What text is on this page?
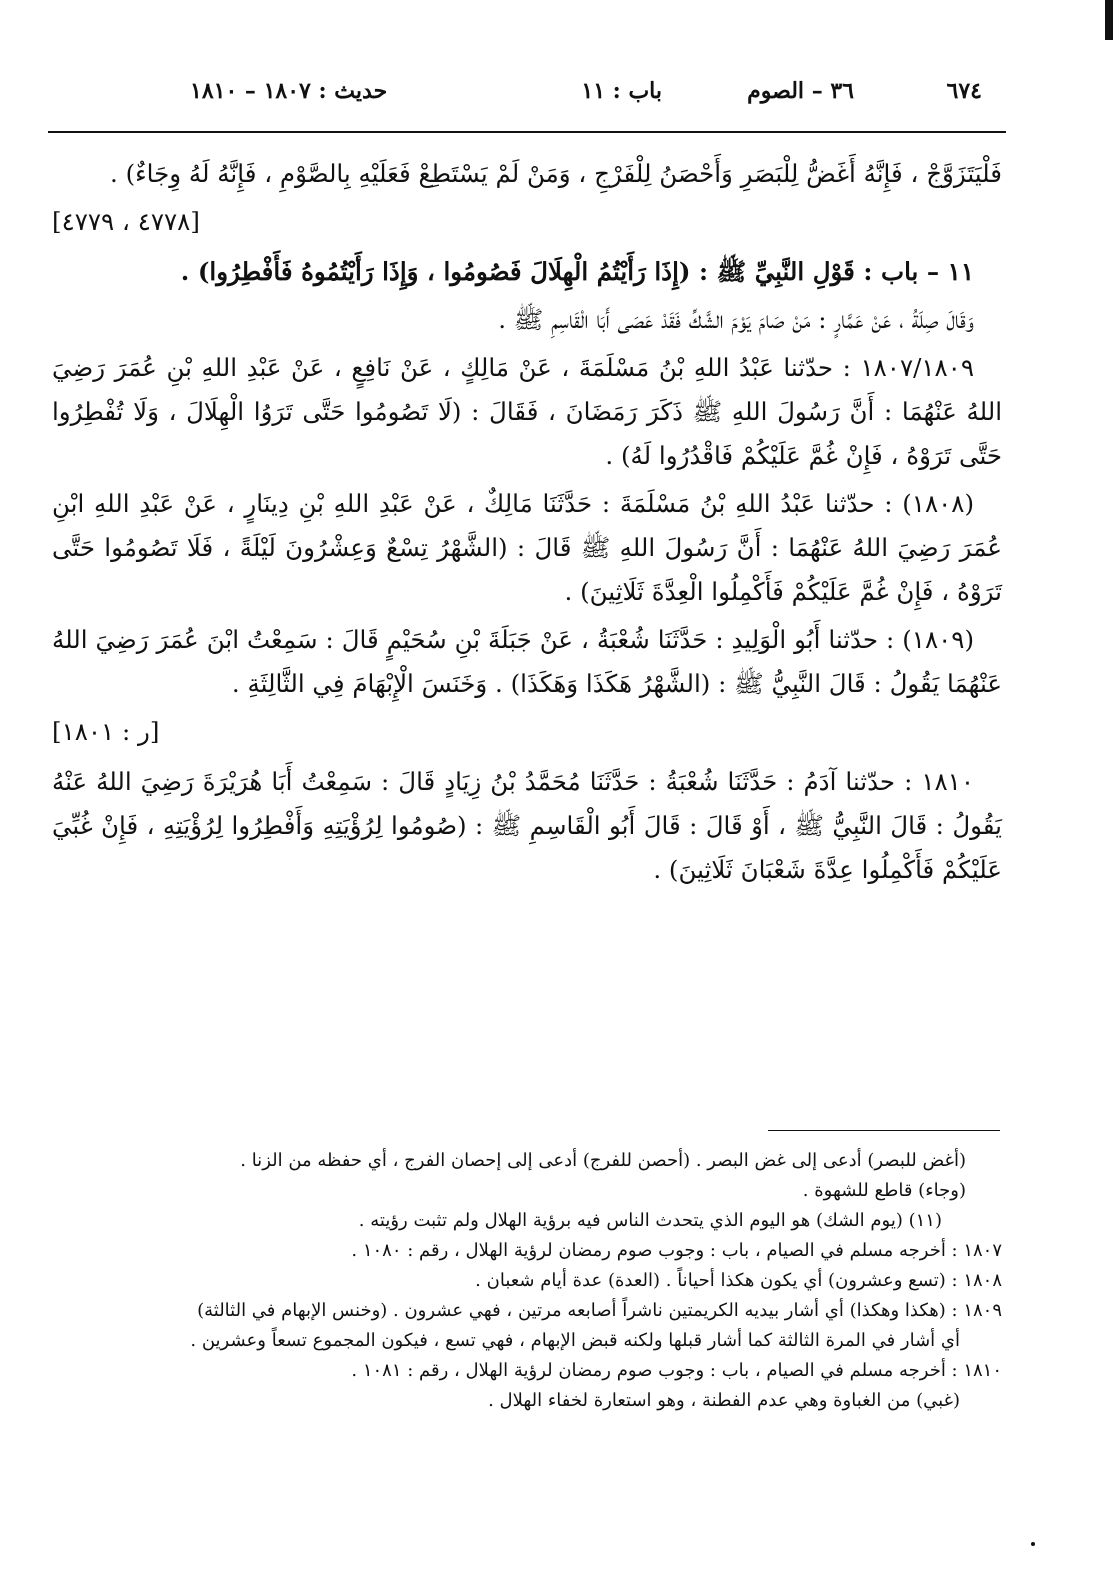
٦٧٤
٣٦ – الصوم
باب : ١١
حديث : ١٨٠٧ – ١٨١٠

فَلْيَتَزَوَّجْ ، فَإِنَّهُ أَغَضُّ لِلْبَصَرِ وَأَحْصَنُ لِلْفَرْجِ ، وَمَنْ لَمْ يَسْتَطِعْ فَعَلَيْهِ بِالصَّوْمِ ، فَإِنَّهُ لَهُ وِجَاءٌ) .

[٤٧٧٨ ، ٤٧٧٩]

١١ – باب : قَوْلِ النَّبِيِّ ﷺ : (إِذَا رَأَيْتُمُ الْهِلَالَ فَصُومُوا ، وَإِذَا رَأَيْتُمُوهُ فَأَفْطِرُوا) .

وَقَالَ صِلَةُ ، عَنْ عَمَّارٍ : مَنْ صَامَ يَوْمَ الشَّكِّ فَقَدْ عَصَى أَبَا الْقَاسِمِ ﷺ .

١٨٠٧/١٨٠٩ : حدّثنا عَبْدُ اللهِ بْنُ مَسْلَمَةَ ، عَنْ مَالِكٍ ، عَنْ نَافِعٍ ، عَنْ عَبْدِ اللهِ بْنِ عُمَرَ رَضِيَ اللهُ عَنْهُمَا : أَنَّ رَسُولَ اللهِ ﷺ ذَكَرَ رَمَضَانَ ، فَقَالَ : (لَا تَصُومُوا حَتَّى تَرَوُا الْهِلَالَ ، وَلَا تُفْطِرُوا حَتَّى تَرَوْهُ ، فَإِنْ غُمَّ عَلَيْكُمْ فَاقْدُرُوا لَهُ) .

(١٨٠٨) : حدّثنا عَبْدُ اللهِ بْنُ مَسْلَمَةَ : حَدَّثَنَا مَالِكٌ ، عَنْ عَبْدِ اللهِ بْنِ دِينَارٍ ، عَنْ عَبْدِ اللهِ ابْنِ عُمَرَ رَضِيَ اللهُ عَنْهُمَا : أَنَّ رَسُولَ اللهِ ﷺ قَالَ : (الشَّهْرُ تِسْعٌ وَعِشْرُونَ لَيْلَةً ، فَلَا تَصُومُوا حَتَّى تَرَوْهُ ، فَإِنْ غُمَّ عَلَيْكُمْ فَأَكْمِلُوا الْعِدَّةَ ثَلَاثِينَ) .

(١٨٠٩) : حدّثنا أَبُو الْوَلِيدِ : حَدَّثَنَا شُعْبَةُ ، عَنْ جَبَلَةَ بْنِ سُحَيْمٍ قَالَ : سَمِعْتُ ابْنَ عُمَرَ رَضِيَ اللهُ عَنْهُمَا يَقُولُ : قَالَ النَّبِيُّ ﷺ : (الشَّهْرُ هَكَذَا وَهَكَذَا) . وَخَنَسَ الْإِبْهَامَ فِي الثَّالِثَةِ .

[ر : ١٨٠١]

١٨١٠ : حدّثنا آدَمُ : حَدَّثَنَا شُعْبَةُ : حَدَّثَنَا مُحَمَّدُ بْنُ زِيَادٍ قَالَ : سَمِعْتُ أَبَا هُرَيْرَةَ رَضِيَ اللهُ عَنْهُ يَقُولُ : قَالَ النَّبِيُّ ﷺ ، أَوْ قَالَ : قَالَ أَبُو الْقَاسِمِ ﷺ : (صُومُوا لِرُؤْيَتِهِ وَأَفْطِرُوا لِرُؤْيَتِهِ ، فَإِنْ غُبِّيَ عَلَيْكُمْ فَأَكْمِلُوا عِدَّةَ شَعْبَانَ ثَلَاثِينَ) .

(أغض للبصر) أدعى إلى غض البصر . (أحصن للفرج) أدعى إلى إحصان الفرج ، أي حفظه من الزنا .

(وجاء) قاطع للشهوة .

(١١) (يوم الشك) هو اليوم الذي يتحدث الناس فيه برؤية الهلال ولم تثبت رؤيته .

١٨٠٧ : أخرجه مسلم في الصيام ، باب : وجوب صوم رمضان لرؤية الهلال ، رقم : ١٠٨٠ .

١٨٠٨ : (تسع وعشرون) أي يكون هكذا أحياناً . (العدة) عدة أيام شعبان .

١٨٠٩ : (هكذا وهكذا) أي أشار بيديه الكريمتين ناشراً أصابعه مرتين ، فهي عشرون . (وخنس الإبهام في الثالثة)

أي أشار في المرة الثالثة كما أشار قبلها ولكنه قبض الإبهام ، فهي تسع ، فيكون المجموع تسعاً وعشرين .

١٨١٠ : أخرجه مسلم في الصيام ، باب : وجوب صوم رمضان لرؤية الهلال ، رقم : ١٠٨١ .

(غبي) من الغباوة وهي عدم الفطنة ، وهو استعارة لخفاء الهلال .
